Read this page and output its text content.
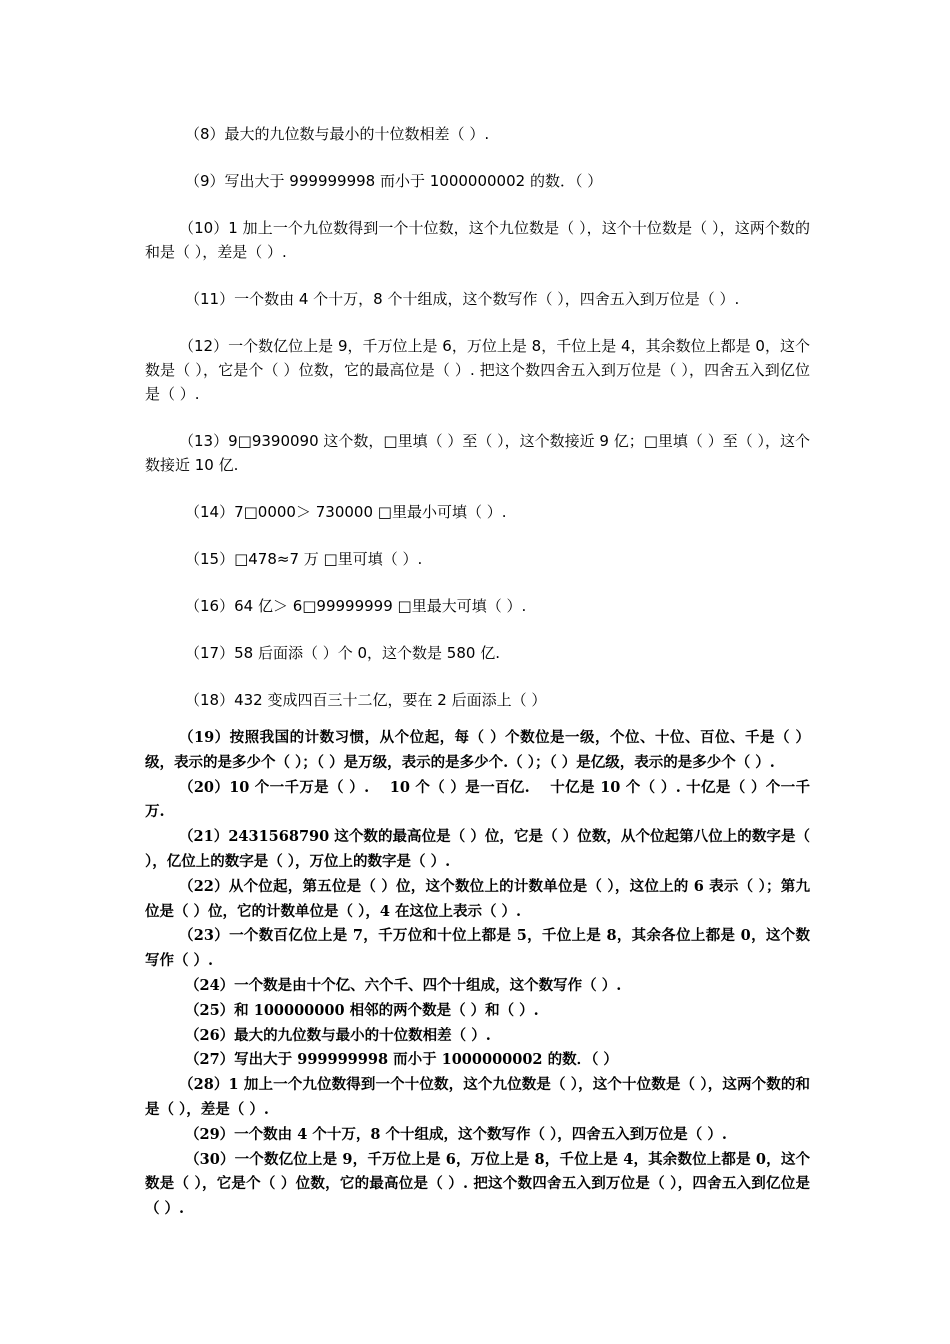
（8）最大的九位数与最小的十位数相差（ ）.

（9）写出大于 999999998 而小于 1000000002 的数．（ ）

（10）1 加上一个九位数得到一个十位数，这个九位数是（ ），这个十位数是（ ），这两个数的和是（ ），差是（ ）.

（11）一个数由 4 个十万，8 个十组成，这个数写作（ ），四舍五入到万位是（ ）.

（12）一个数亿位上是 9，千万位上是 6，万位上是 8，千位上是 4，其余数位上都是 0，这个数是（ ），它是个（ ）位数，它的最高位是（ ）. 把这个数四舍五入到万位是（ ），四舍五入到亿位是（ ）.

（13）9□9390090 这个数，□里填（ ）至（ ），这个数接近 9 亿；□里填（ ）至（ ），这个数接近 10 亿.

（14）7□0000＞ 730000 □里最小可填（ ）.

（15）□478≈7 万 □里可填（ ）.

（16）64 亿＞ 6□99999999 □里最大可填（ ）.

（17）58 后面添（ ）个 0，这个数是 580 亿.

（18）432 变成四百三十二亿，要在 2 后面添上（ ）

（19）按照我国的计数习惯，从个位起，每（ ）个数位是一级，个位、十位、百位、千是（ ）级，表示的是多少个（ ）；（ ）是万级，表示的是多少个.（ ）；（ ）是亿级，表示的是多少个（ ）.

（20）10 个一千万是（ ）.　 10 个（ ）是一百亿.　 十亿是 10 个（ ）. 十亿是（ ）个一千万.

（21）2431568790 这个数的最高位是（ ）位，它是（ ）位数，从个位起第八位上的数字是（ ），亿位上的数字是（ ），万位上的数字是（ ）.

（22）从个位起，第五位是（ ）位，这个数位上的计数单位是（ ），这位上的 6 表示（ ）；第九位是（ ）位，它的计数单位是（ ），4 在这位上表示（ ）.

（23）一个数百亿位上是 7，千万位和十位上都是 5，千位上是 8，其余各位上都是 0，这个数写作（ ）.

（24）一个数是由十个亿、六个千、四个十组成，这个数写作（ ）.

（25）和 100000000 相邻的两个数是（ ）和（ ）.

（26）最大的九位数与最小的十位数相差（ ）.

（27）写出大于 999999998 而小于 1000000002 的数．（ ）

（28）1 加上一个九位数得到一个十位数，这个九位数是（ ），这个十位数是（ ），这两个数的和是（ ），差是（ ）.

（29）一个数由 4 个十万，8 个十组成，这个数写作（ ），四舍五入到万位是（ ）.

（30）一个数亿位上是 9，千万位上是 6，万位上是 8，千位上是 4，其余数位上都是 0，这个数是（ ），它是个（ ）位数，它的最高位是（ ）. 把这个数四舍五入到万位是（ ），四舍五入到亿位是（ ）.
